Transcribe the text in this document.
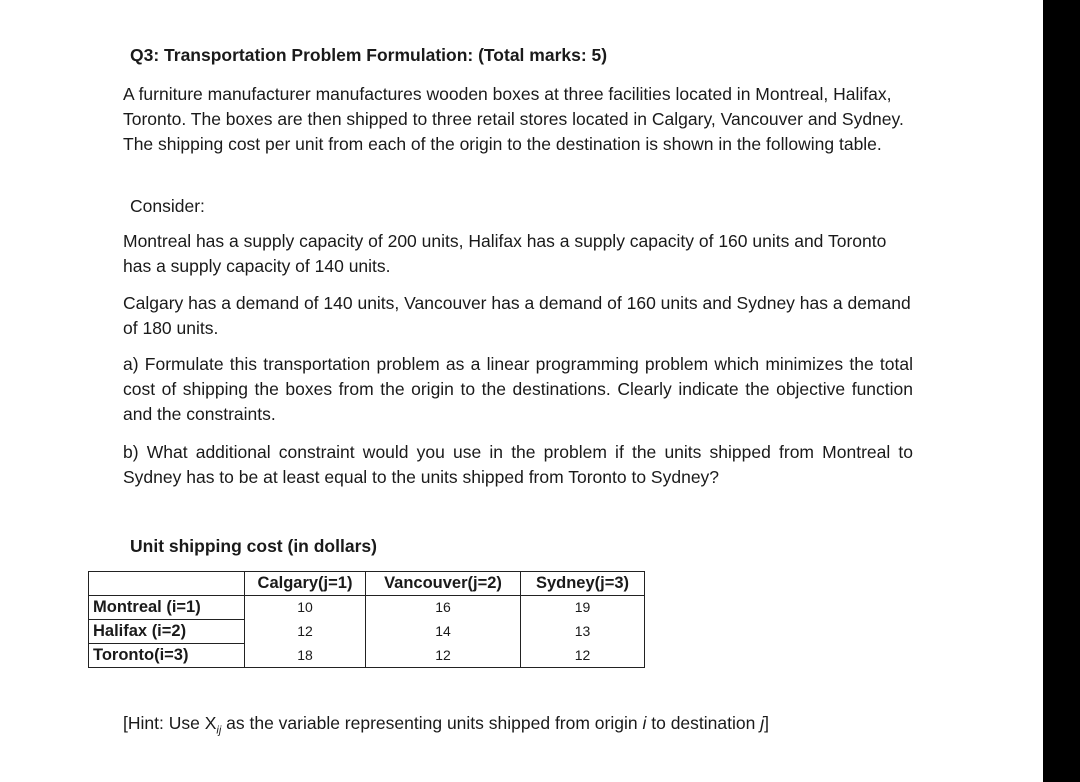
Q3: Transportation Problem Formulation: (Total marks: 5)
A furniture manufacturer manufactures wooden boxes at three facilities located in Montreal, Halifax, Toronto. The boxes are then shipped to three retail stores located in Calgary, Vancouver and Sydney. The shipping cost per unit from each of the origin to the destination is shown in the following table.
Consider:
Montreal has a supply capacity of 200 units, Halifax has a supply capacity of 160 units and Toronto has a supply capacity of 140 units.
Calgary has a demand of 140 units, Vancouver has a demand of 160 units and Sydney has a demand of 180 units.
a) Formulate this transportation problem as a linear programming problem which minimizes the total cost of shipping the boxes from the origin to the destinations. Clearly indicate the objective function and the constraints.
b) What additional constraint would you use in the problem if the units shipped from Montreal to Sydney has to be at least equal to the units shipped from Toronto to Sydney?
Unit shipping cost (in dollars)
	Calgary(j=1)	Vancouver(j=2)	Sydney(j=3)
Montreal (i=1)	10	16	19
Halifax (i=2)	12	14	13
Toronto(i=3)	18	12	12
[Hint: Use $X_{ij}$ as the variable representing units shipped from origin i to destination j]
